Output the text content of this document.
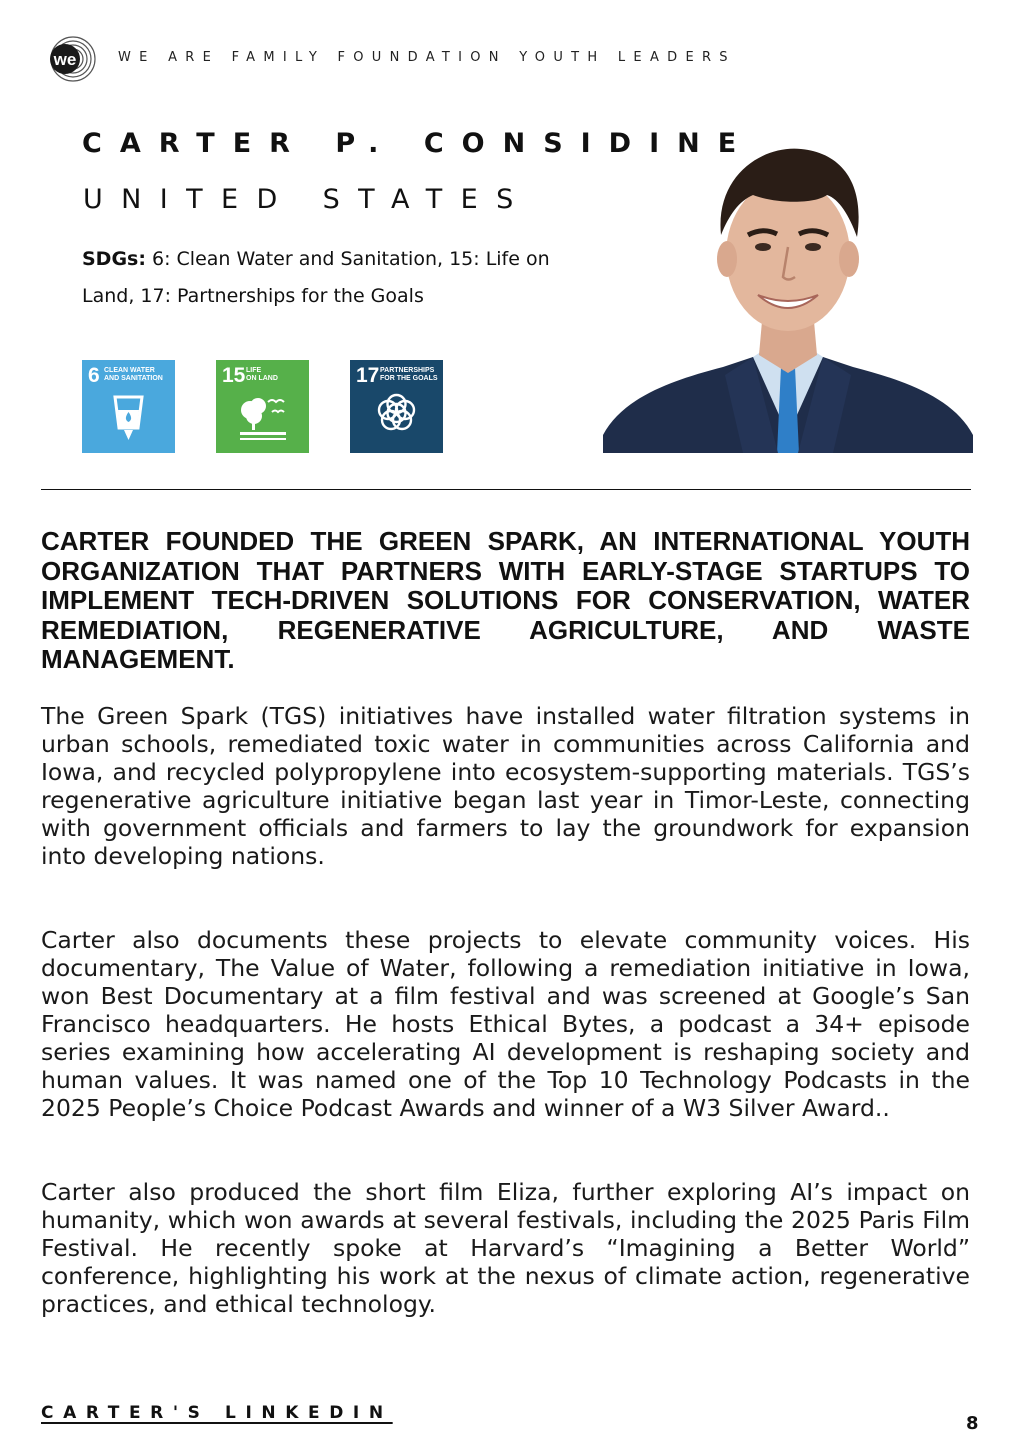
we	WE ARE FAMILY FOUNDATION YOUTH LEADERS
CARTER P. CONSIDINE
UNITED STATES
SDGs: 6: Clean Water and Sanitation, 15: Life on Land, 17: Partnerships for the Goals
6 CLEAN WATER
AND SANITATION	15 LIFE
ON LAND	17 PARTNERSHIPS
FOR THE GOALS
CARTER FOUNDED THE GREEN SPARK, AN INTERNATIONAL YOUTH ORGANIZATION THAT PARTNERS WITH EARLY-STAGE STARTUPS TO IMPLEMENT TECH-DRIVEN SOLUTIONS FOR CONSERVATION, WATER REMEDIATION, REGENERATIVE AGRICULTURE, AND WASTE MANAGEMENT.
The Green Spark (TGS) initiatives have installed water filtration systems in urban schools, remediated toxic water in communities across California and Iowa, and recycled polypropylene into ecosystem-supporting materials. TGS’s regenerative agriculture initiative began last year in Timor-Leste, connecting with government officials and farmers to lay the groundwork for expansion into developing nations.
Carter also documents these projects to elevate community voices. His documentary, The Value of Water, following a remediation initiative in Iowa, won Best Documentary at a film festival and was screened at Google’s San Francisco headquarters. He hosts Ethical Bytes, a podcast a 34+ episode series examining how accelerating AI development is reshaping society and human values. It was named one of the Top 10 Technology Podcasts in the 2025 People’s Choice Podcast Awards and winner of a W3 Silver Award..
Carter also produced the short film Eliza, further exploring AI’s impact on humanity, which won awards at several festivals, including the 2025 Paris Film Festival. He recently spoke at Harvard’s “Imagining a Better World” conference, highlighting his work at the nexus of climate action, regenerative practices, and ethical technology.
CARTER'S LINKEDIN	8
